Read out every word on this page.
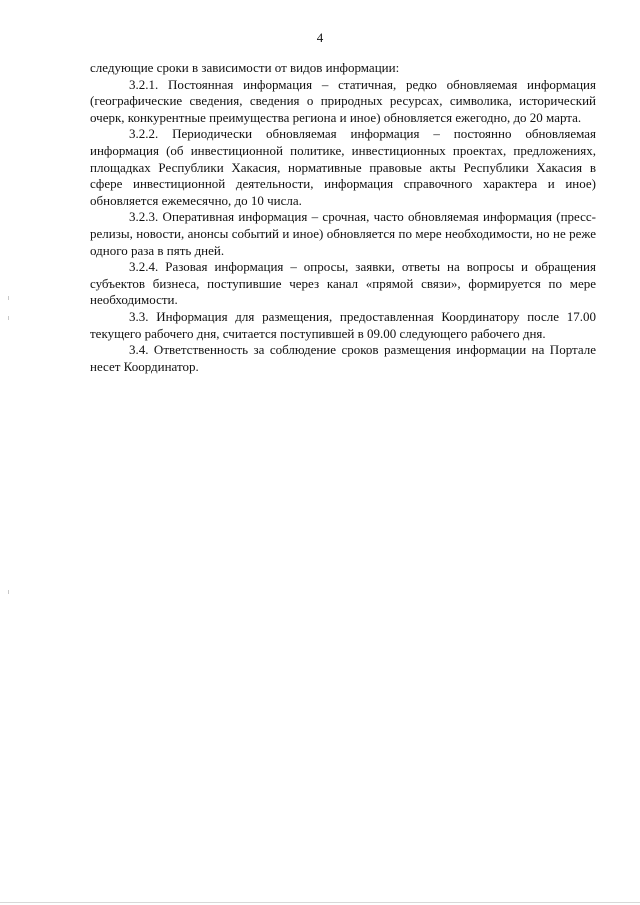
4

следующие сроки в зависимости от видов информации:

3.2.1. Постоянная информация – статичная, редко обновляемая информация (географические сведения, сведения о природных ресурсах, символика, исторический очерк, конкурентные преимущества региона и иное) обновляется ежегодно, до 20 марта.

3.2.2. Периодически обновляемая информация – постоянно обновляемая информация (об инвестиционной политике, инвестиционных проектах, предложениях, площадках Республики Хакасия, нормативные правовые акты Республики Хакасия в сфере инвестиционной деятельности, информация справочного характера и иное) обновляется ежемесячно, до 10 числа.

3.2.3. Оперативная информация – срочная, часто обновляемая информация (пресс-релизы, новости, анонсы событий и иное) обновляется по мере необходимости, но не реже одного раза в пять дней.

3.2.4. Разовая информация – опросы, заявки, ответы на вопросы и обращения субъектов бизнеса, поступившие через канал «прямой связи», формируется по мере необходимости.

3.3. Информация для размещения, предоставленная Координатору после 17.00 текущего рабочего дня, считается поступившей в 09.00 следующего рабочего дня.

3.4. Ответственность за соблюдение сроков размещения информации на Портале несет Координатор.
